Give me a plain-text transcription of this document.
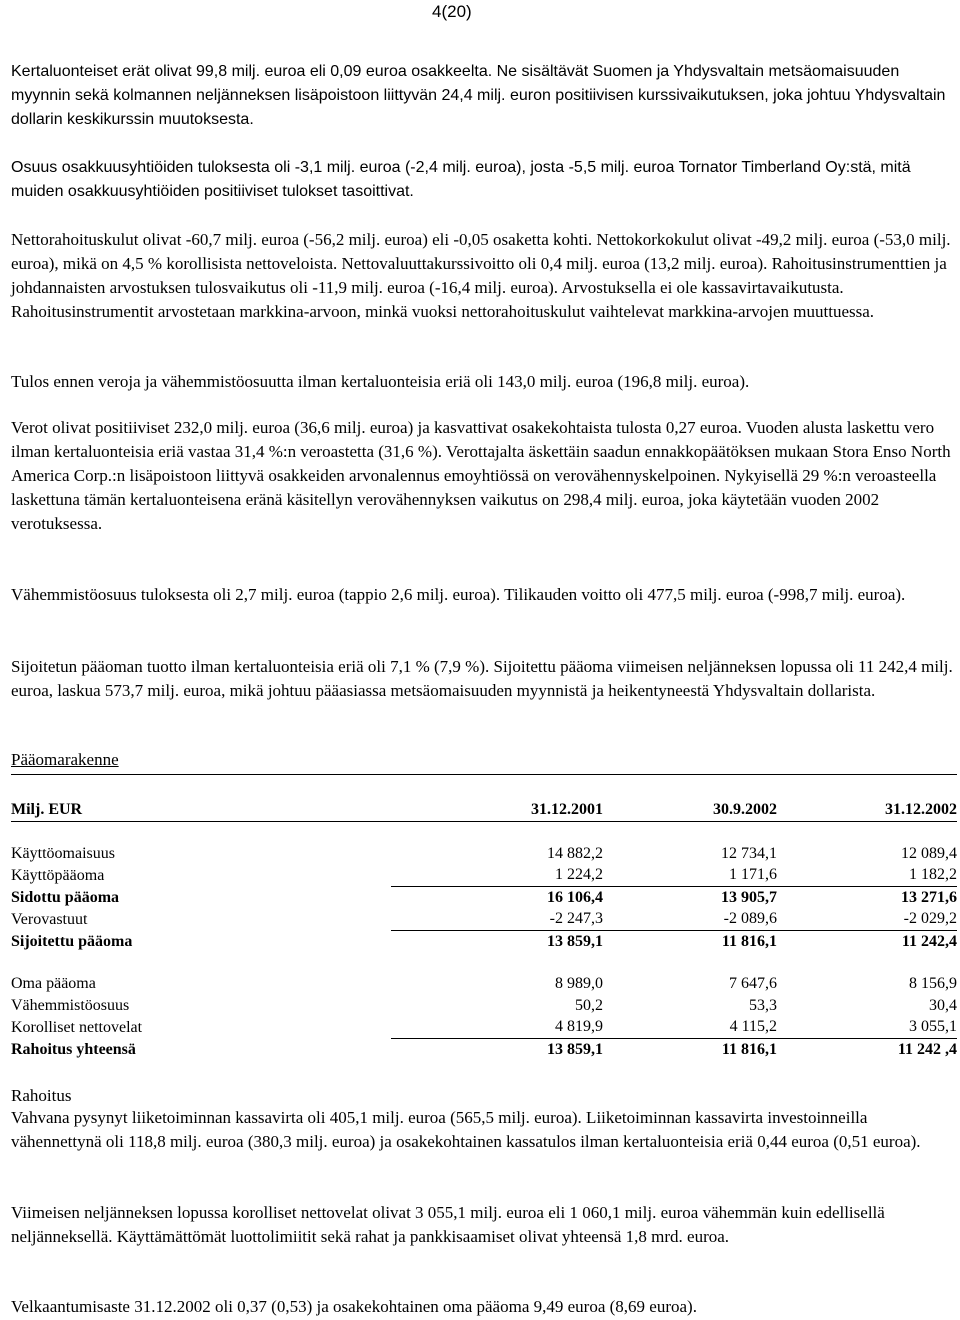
4(20)

Kertaluonteiset erät olivat 99,8 milj. euroa eli 0,09 euroa osakkeelta. Ne sisältävät Suomen ja Yhdysvaltain metsäomaisuuden myynnin sekä kolmannen neljänneksen lisäpoistoon liittyvän 24,4 milj. euron positiivisen kurssivaikutuksen, joka johtuu Yhdysvaltain dollarin keskikurssin muutoksesta.

Osuus osakkuusyhtiöiden tuloksesta oli -3,1 milj. euroa (-2,4 milj. euroa), josta -5,5 milj. euroa Tornator Timberland Oy:stä, mitä muiden osakkuusyhtiöiden positiiviset tulokset tasoittivat.

Nettorahoituskulut olivat -60,7 milj. euroa (-56,2 milj. euroa) eli -0,05 osaketta kohti. Nettokorkokulut olivat -49,2 milj. euroa (-53,0 milj. euroa), mikä on 4,5 % korollisista nettoveloista. Nettovaluuttakurssivoitto oli 0,4 milj. euroa (13,2 milj. euroa). Rahoitusinstrumenttien ja johdannaisten arvostuksen tulosvaikutus oli -11,9 milj. euroa (-16,4 milj. euroa). Arvostuksella ei ole kassavirtavaikutusta. Rahoitusinstrumentit arvostetaan markkina-arvoon, minkä vuoksi nettorahoituskulut vaihtelevat markkina-arvojen muuttuessa.

Tulos ennen veroja ja vähemmistöosuutta ilman kertaluonteisia eriä oli 143,0 milj. euroa (196,8 milj. euroa).

Verot olivat positiiviset 232,0 milj. euroa (36,6 milj. euroa) ja kasvattivat osakekohtaista tulosta 0,27 euroa. Vuoden alusta laskettu vero ilman kertaluonteisia eriä vastaa 31,4 %:n veroastetta (31,6 %). Verottajalta äskettäin saadun ennakkopäätöksen mukaan Stora Enso North America Corp.:n lisäpoistoon liittyvä osakkeiden arvonalennus emoyhtiössä on verovähennyskelpoinen. Nykyisellä 29 %:n veroasteella laskettuna tämän kertaluonteisena eränä käsitellyn verovähennyksen vaikutus on 298,4 milj. euroa, joka käytetään vuoden 2002 verotuksessa.

Vähemmistöosuus tuloksesta oli 2,7 milj. euroa (tappio 2,6 milj. euroa). Tilikauden voitto oli 477,5 milj. euroa (-998,7 milj. euroa).

Sijoitetun pääoman tuotto ilman kertaluonteisia eriä oli 7,1 % (7,9 %). Sijoitettu pääoma viimeisen neljänneksen lopussa oli 11 242,4 milj. euroa, laskua 573,7 milj. euroa, mikä johtuu pääasiassa metsäomaisuuden myynnistä ja heikentyneestä Yhdysvaltain dollarista.

Pääomarakenne
Milj. EUR	31.12.2001	30.9.2002	31.12.2002

Käyttöomaisuus	14 882,2	12 734,1	12 089,4
Käyttöpääoma	1 224,2	1 171,6	1 182,2
Sidottu pääoma	16 106,4	13 905,7	13 271,6
Verovastuut	-2 247,3	-2 089,6	-2 029,2
Sijoitettu pääoma	13 859,1	11 816,1	11 242,4

Oma pääoma	8 989,0	7 647,6	8 156,9
Vähemmistöosuus	50,2	53,3	30,4
Korolliset nettovelat	4 819,9	4 115,2	3 055,1
Rahoitus yhteensä	13 859,1	11 816,1	11 242 ,4
Rahoitus

Vahvana pysynyt liiketoiminnan kassavirta oli 405,1 milj. euroa (565,5 milj. euroa). Liiketoiminnan kassavirta investoinneilla vähennettynä oli 118,8 milj. euroa (380,3 milj. euroa) ja osakekohtainen kassatulos ilman kertaluonteisia eriä 0,44 euroa (0,51 euroa).

Viimeisen neljänneksen lopussa korolliset nettovelat olivat 3 055,1 milj. euroa eli 1 060,1 milj. euroa vähemmän kuin edellisellä neljänneksellä. Käyttämättömät luottolimiitit sekä rahat ja pankkisaamiset olivat yhteensä 1,8 mrd. euroa.

Velkaantumisaste 31.12.2002 oli 0,37 (0,53) ja osakekohtainen oma pääoma 9,49 euroa (8,69 euroa).
